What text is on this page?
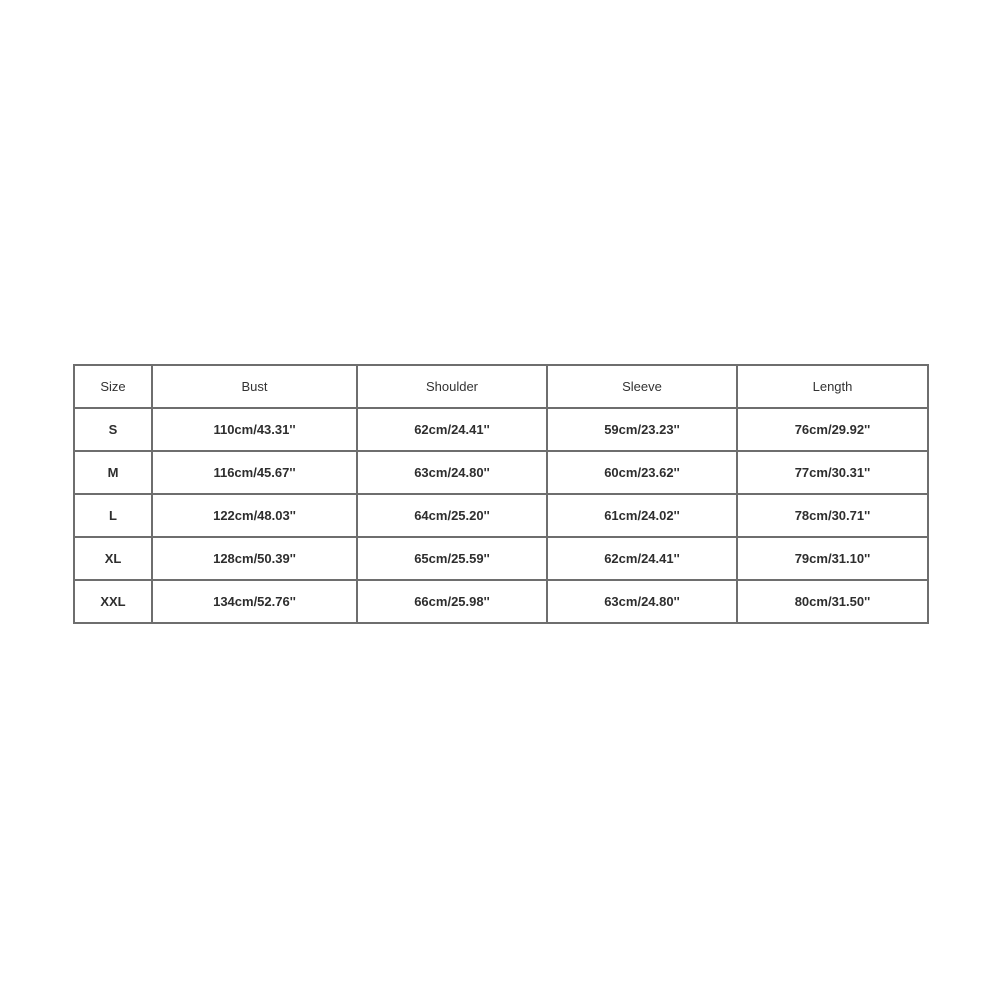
Size	Bust	Shoulder	Sleeve	Length
S	110cm/43.31''	62cm/24.41''	59cm/23.23''	76cm/29.92''
M	116cm/45.67''	63cm/24.80''	60cm/23.62''	77cm/30.31''
L	122cm/48.03''	64cm/25.20''	61cm/24.02''	78cm/30.71''
XL	128cm/50.39''	65cm/25.59''	62cm/24.41''	79cm/31.10''
XXL	134cm/52.76''	66cm/25.98''	63cm/24.80''	80cm/31.50''
